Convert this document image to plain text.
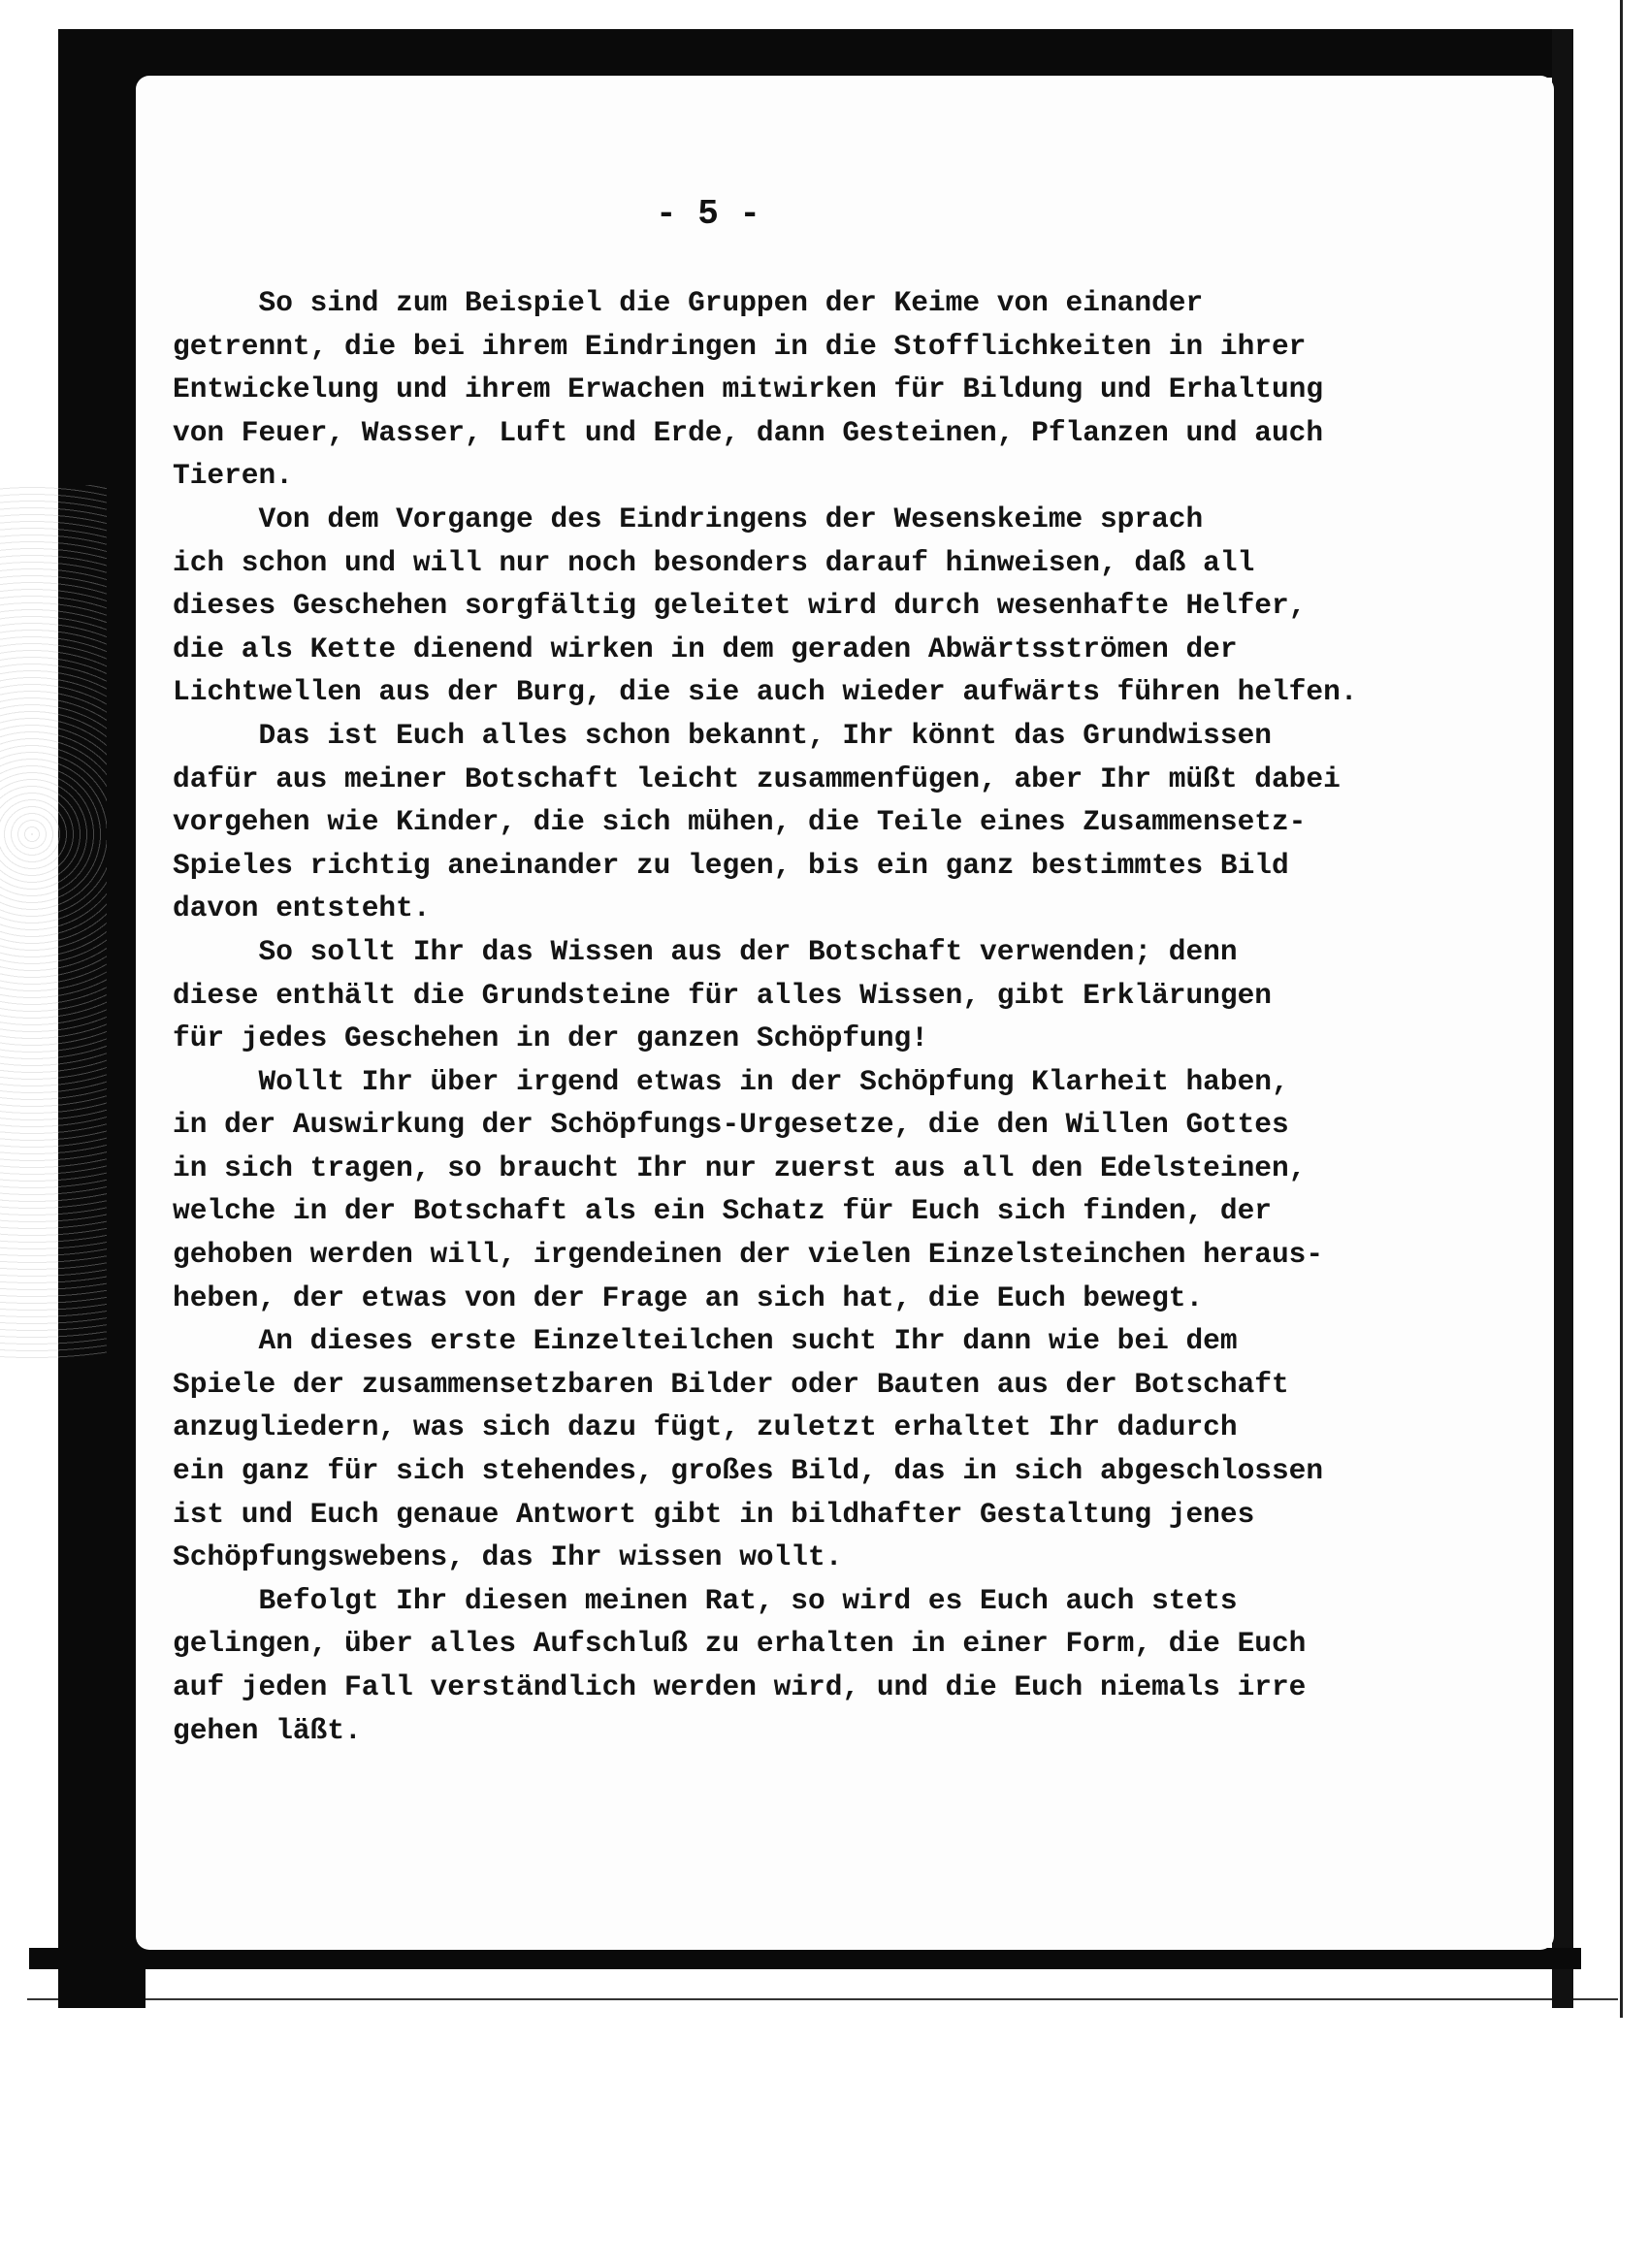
- 5 -
So sind zum Beispiel die Gruppen der Keime von einander
getrennt, die bei ihrem Eindringen in die Stofflichkeiten in ihrer
Entwickelung und ihrem Erwachen mitwirken für Bildung und Erhaltung
von Feuer, Wasser, Luft und Erde, dann Gesteinen, Pflanzen und auch
Tieren.
Von dem Vorgange des Eindringens der Wesenskeime sprach
ich schon und will nur noch besonders darauf hinweisen, daß all
dieses Geschehen sorgfältig geleitet wird durch wesenhafte Helfer,
die als Kette dienend wirken in dem geraden Abwärtsströmen der
Lichtwellen aus der Burg, die sie auch wieder aufwärts führen helfen.
Das ist Euch alles schon bekannt, Ihr könnt das Grundwissen
dafür aus meiner Botschaft leicht zusammenfügen, aber Ihr müßt dabei
vorgehen wie Kinder, die sich mühen, die Teile eines Zusammensetz-
Spieles richtig aneinander zu legen, bis ein ganz bestimmtes Bild
davon entsteht.
So sollt Ihr das Wissen aus der Botschaft verwenden; denn
diese enthält die Grundsteine für alles Wissen, gibt Erklärungen
für jedes Geschehen in der ganzen Schöpfung!
Wollt Ihr über irgend etwas in der Schöpfung Klarheit haben,
in der Auswirkung der Schöpfungs-Urgesetze, die den Willen Gottes
in sich tragen, so braucht Ihr nur zuerst aus all den Edelsteinen,
welche in der Botschaft als ein Schatz für Euch sich finden, der
gehoben werden will, irgendeinen der vielen Einzelsteinchen heraus-
heben, der etwas von der Frage an sich hat, die Euch bewegt.
An dieses erste Einzelteilchen sucht Ihr dann wie bei dem
Spiele der zusammensetzbaren Bilder oder Bauten aus der Botschaft
anzugliedern, was sich dazu fügt, zuletzt erhaltet Ihr dadurch
ein ganz für sich stehendes, großes Bild, das in sich abgeschlossen
ist und Euch genaue Antwort gibt in bildhafter Gestaltung jenes
Schöpfungswebens, das Ihr wissen wollt.
Befolgt Ihr diesen meinen Rat, so wird es Euch auch stets
gelingen, über alles Aufschluß zu erhalten in einer Form, die Euch
auf jeden Fall verständlich werden wird, und die Euch niemals irre
gehen läßt.
